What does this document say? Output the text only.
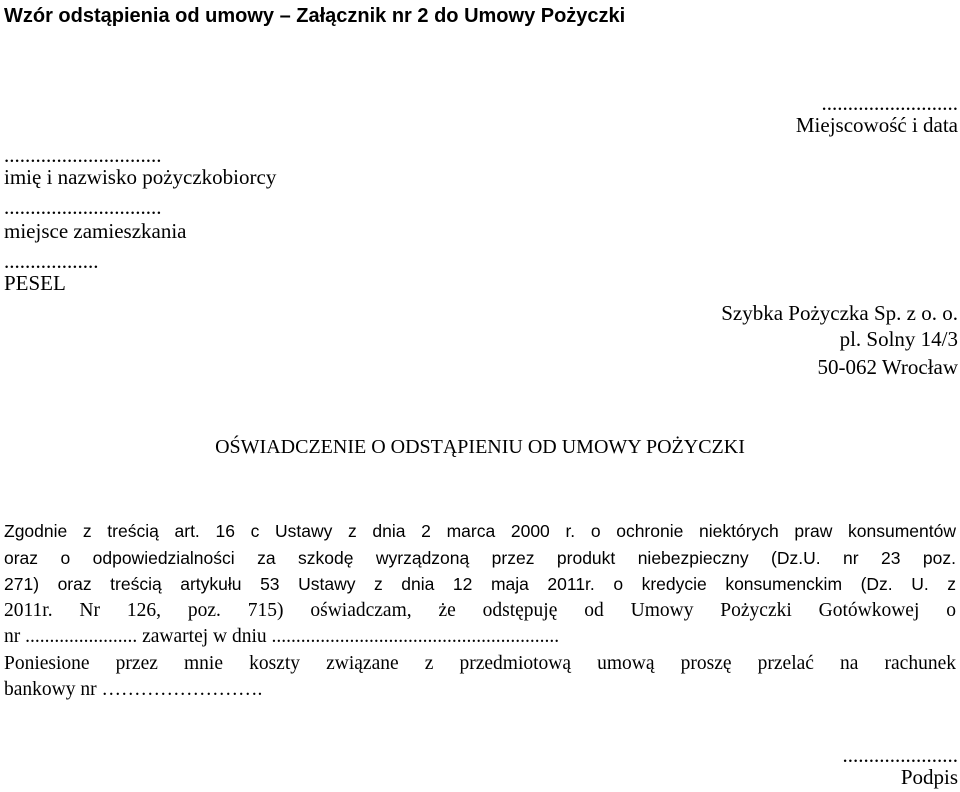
Wzór odstąpienia od umowy – Załącznik nr 2 do Umowy Pożyczki
..........................
Miejscowość i data
..............................
imię i nazwisko pożyczkobiorcy
..............................
miejsce zamieszkania
..................
PESEL
Szybka Pożyczka Sp. z o. o.
pl. Solny 14/3
50-062 Wrocław
OŚWIADCZENIE O ODSTĄPIENIU OD UMOWY POŻYCZKI
Zgodnie z treścią art. 16 c Ustawy z dnia 2 marca 2000 r. o ochronie niektórych praw konsumentów
oraz o odpowiedzialności za szkodę wyrządzoną przez produkt niebezpieczny (Dz.U. nr 23 poz.
271) oraz treścią artykułu 53 Ustawy z dnia 12 maja 2011r. o kredycie konsumenckim (Dz. U. z
2011r. Nr 126, poz. 715) oświadczam, że odstępuję od Umowy Pożyczki Gotówkowej o
nr ....................... zawartej w dniu ...........................................................
Poniesione przez mnie koszty związane z przedmiotową umową proszę przelać na rachunek
bankowy nr …………………….
......................
Podpis
